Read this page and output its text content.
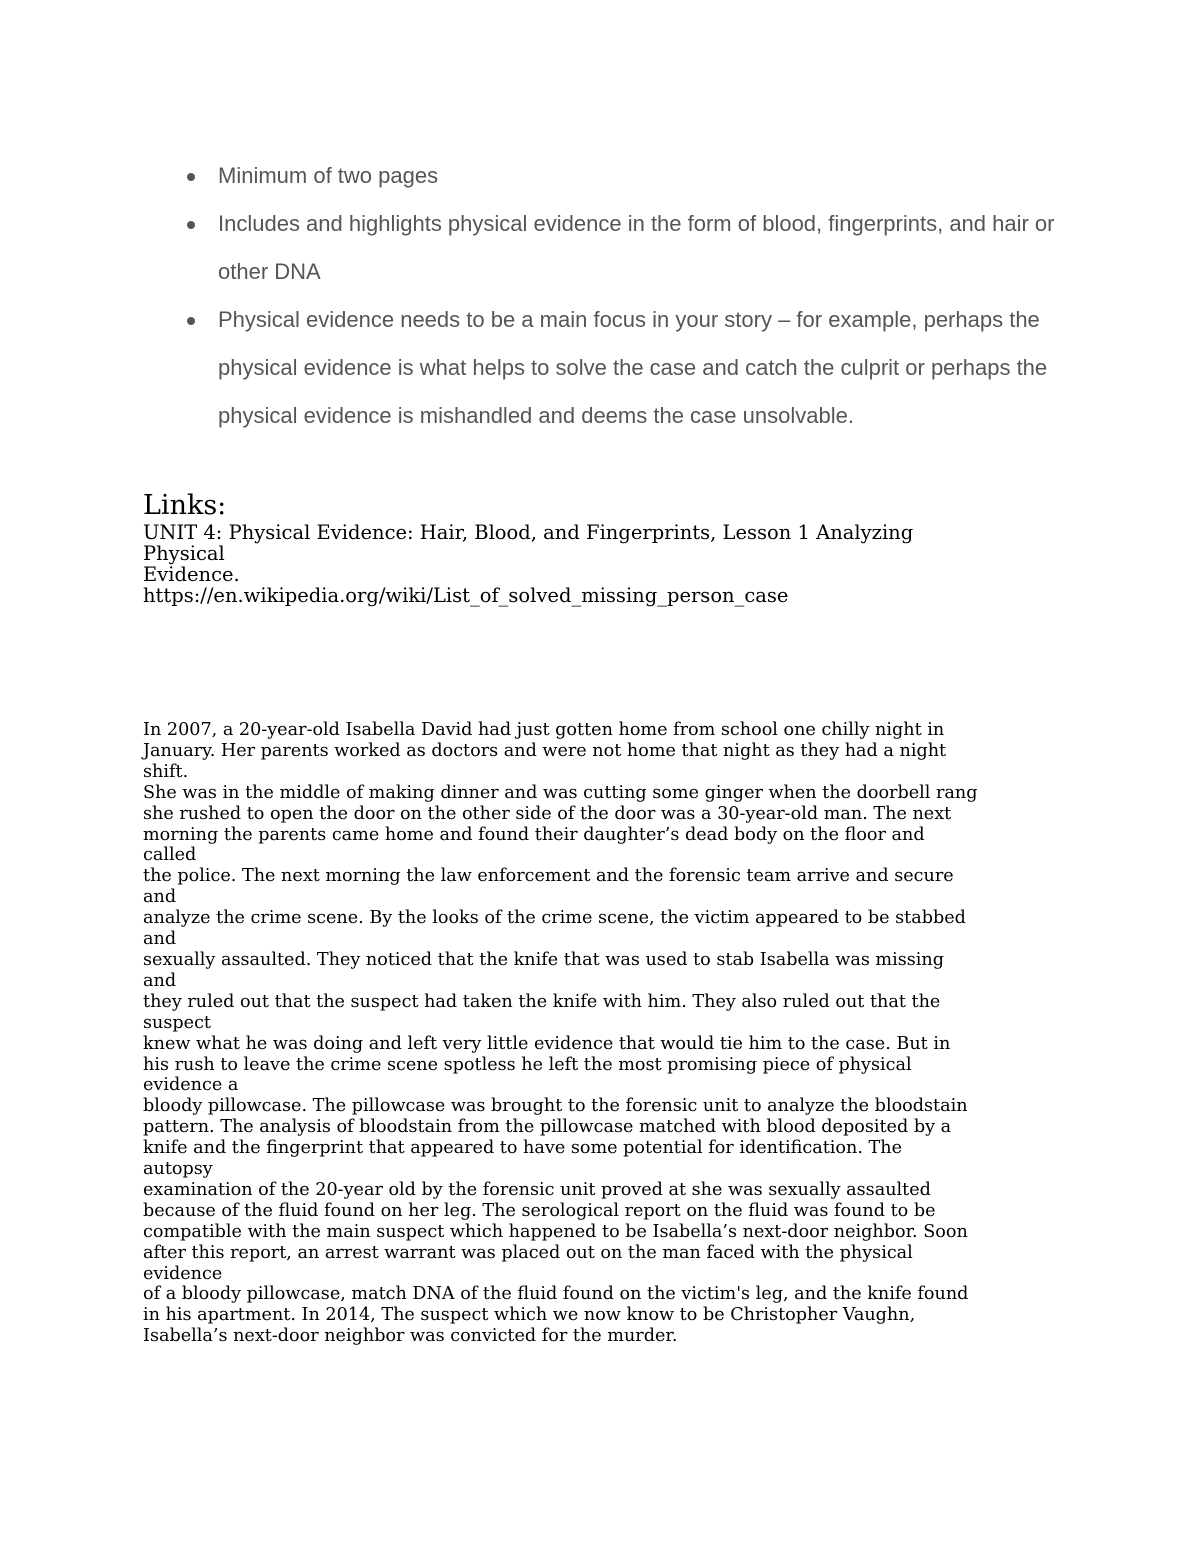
Minimum of two pages
Includes and highlights physical evidence in the form of blood, fingerprints, and hair or other DNA
Physical evidence needs to be a main focus in your story – for example, perhaps the physical evidence is what helps to solve the case and catch the culprit or perhaps the physical evidence is mishandled and deems the case unsolvable.
Links:

UNIT 4: Physical Evidence: Hair, Blood, and Fingerprints, Lesson 1 Analyzing

Physical

Evidence.

https://en.wikipedia.org/wiki/List_of_solved_missing_person_case

In 2007, a 20-year-old Isabella David had just gotten home from school one chilly night in

January. Her parents worked as doctors and were not home that night as they had a night

shift.

She was in the middle of making dinner and was cutting some ginger when the doorbell rang

she rushed to open the door on the other side of the door was a 30-year-old man. The next

morning the parents came home and found their daughter’s dead body on the floor and

called

the police. The next morning the law enforcement and the forensic team arrive and secure

and

analyze the crime scene. By the looks of the crime scene, the victim appeared to be stabbed

and

sexually assaulted. They noticed that the knife that was used to stab Isabella was missing

and

they ruled out that the suspect had taken the knife with him. They also ruled out that the

suspect

knew what he was doing and left very little evidence that would tie him to the case. But in

his rush to leave the crime scene spotless he left the most promising piece of physical

evidence a

bloody pillowcase. The pillowcase was brought to the forensic unit to analyze the bloodstain

pattern. The analysis of bloodstain from the pillowcase matched with blood deposited by a

knife and the fingerprint that appeared to have some potential for identification. The

autopsy

examination of the 20-year old by the forensic unit proved at she was sexually assaulted

because of the fluid found on her leg. The serological report on the fluid was found to be

compatible with the main suspect which happened to be Isabella’s next-door neighbor. Soon

after this report, an arrest warrant was placed out on the man faced with the physical

evidence

of a bloody pillowcase, match DNA of the fluid found on the victim's leg, and the knife found

in his apartment. In 2014, The suspect which we now know to be Christopher Vaughn,

Isabella’s next-door neighbor was convicted for the murder.
